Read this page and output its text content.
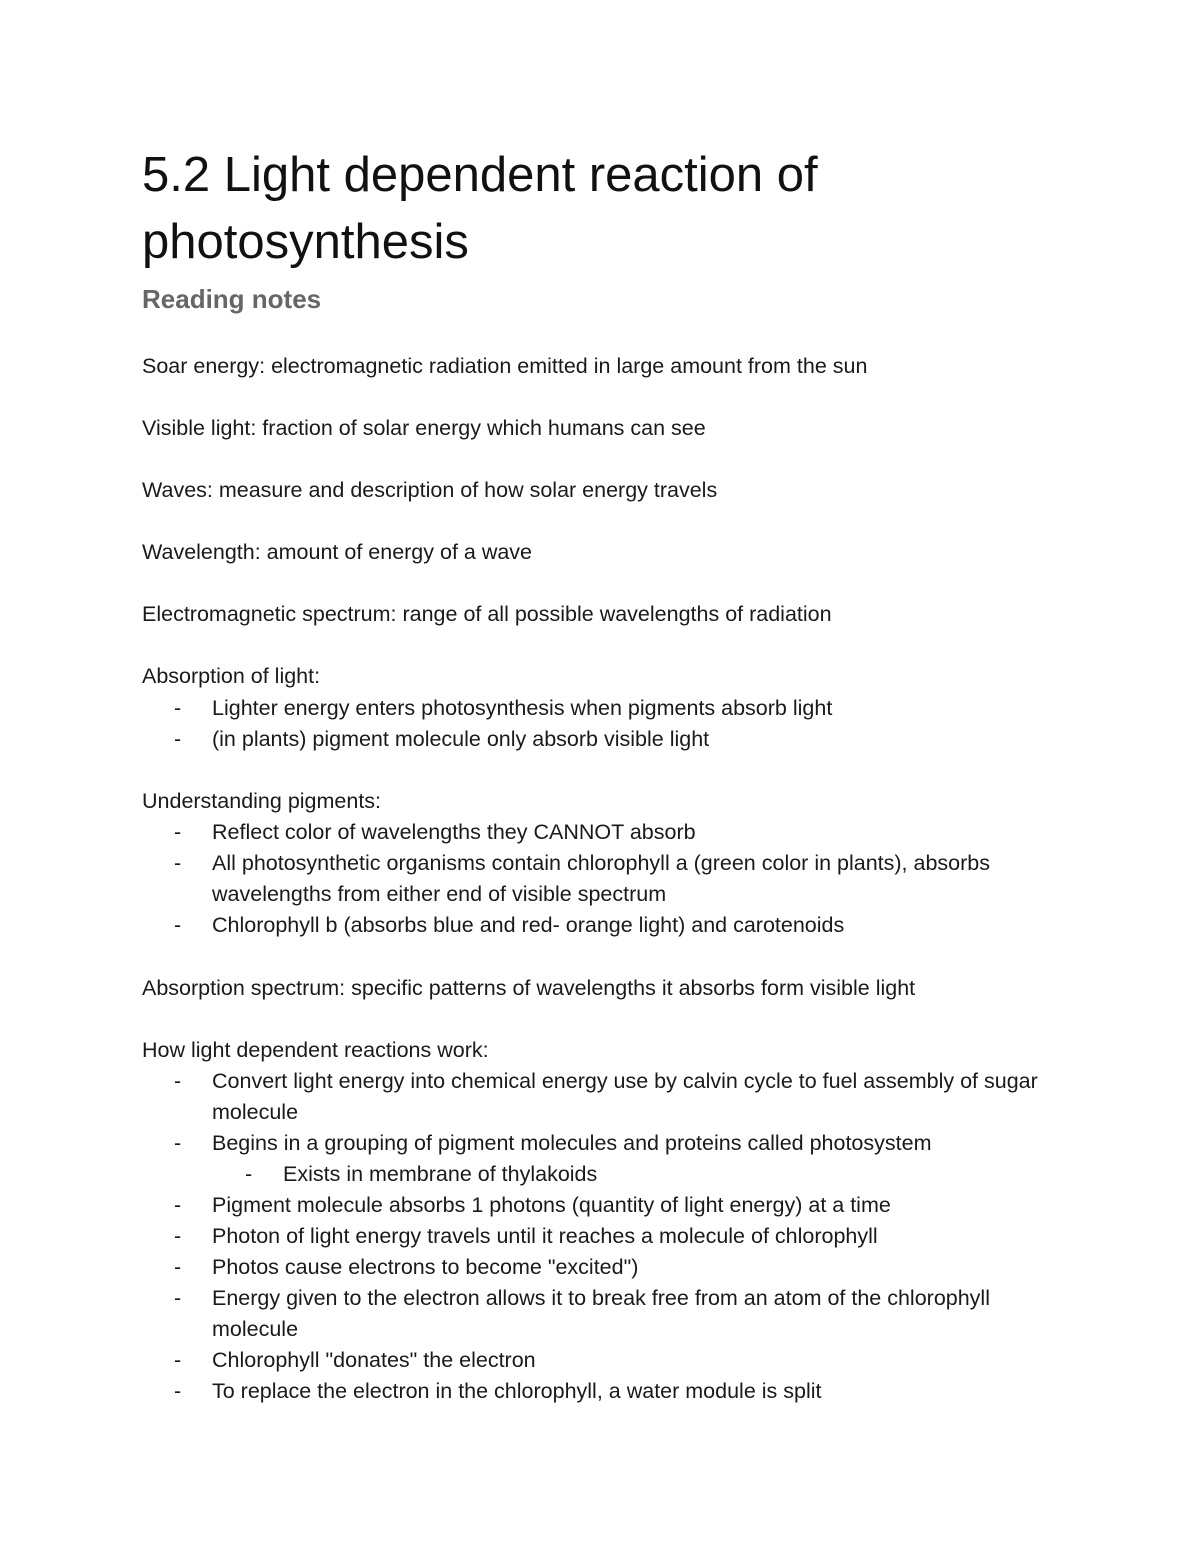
5.2 Light dependent reaction of photosynthesis
Reading notes

Soar energy: electromagnetic radiation emitted in large amount from the sun

Visible light: fraction of solar energy which humans can see

Waves: measure and description of how solar energy travels

Wavelength: amount of energy of a wave

Electromagnetic spectrum: range of all possible wavelengths of radiation

Absorption of light:

- Lighter energy enters photosynthesis when pigments absorb light
- (in plants) pigment molecule only absorb visible light

Understanding pigments:

- Reflect color of wavelengths they CANNOT absorb
- All photosynthetic organisms contain chlorophyll a (green color in plants), absorbs wavelengths from either end of visible spectrum
- Chlorophyll b (absorbs blue and red- orange light) and carotenoids

Absorption spectrum: specific patterns of wavelengths it absorbs form visible light

How light dependent reactions work:

- Convert light energy into chemical energy use by calvin cycle to fuel assembly of sugar molecule
- Begins in a grouping of pigment molecules and proteins called photosystem
- Exists in membrane of thylakoids
- Pigment molecule absorbs 1 photons (quantity of light energy) at a time
- Photon of light energy travels until it reaches a molecule of chlorophyll
- Photos cause electrons to become "excited")
- Energy given to the electron allows it to break free from an atom of the chlorophyll molecule
- Chlorophyll "donates" the electron
- To replace the electron in the chlorophyll, a water module is split
